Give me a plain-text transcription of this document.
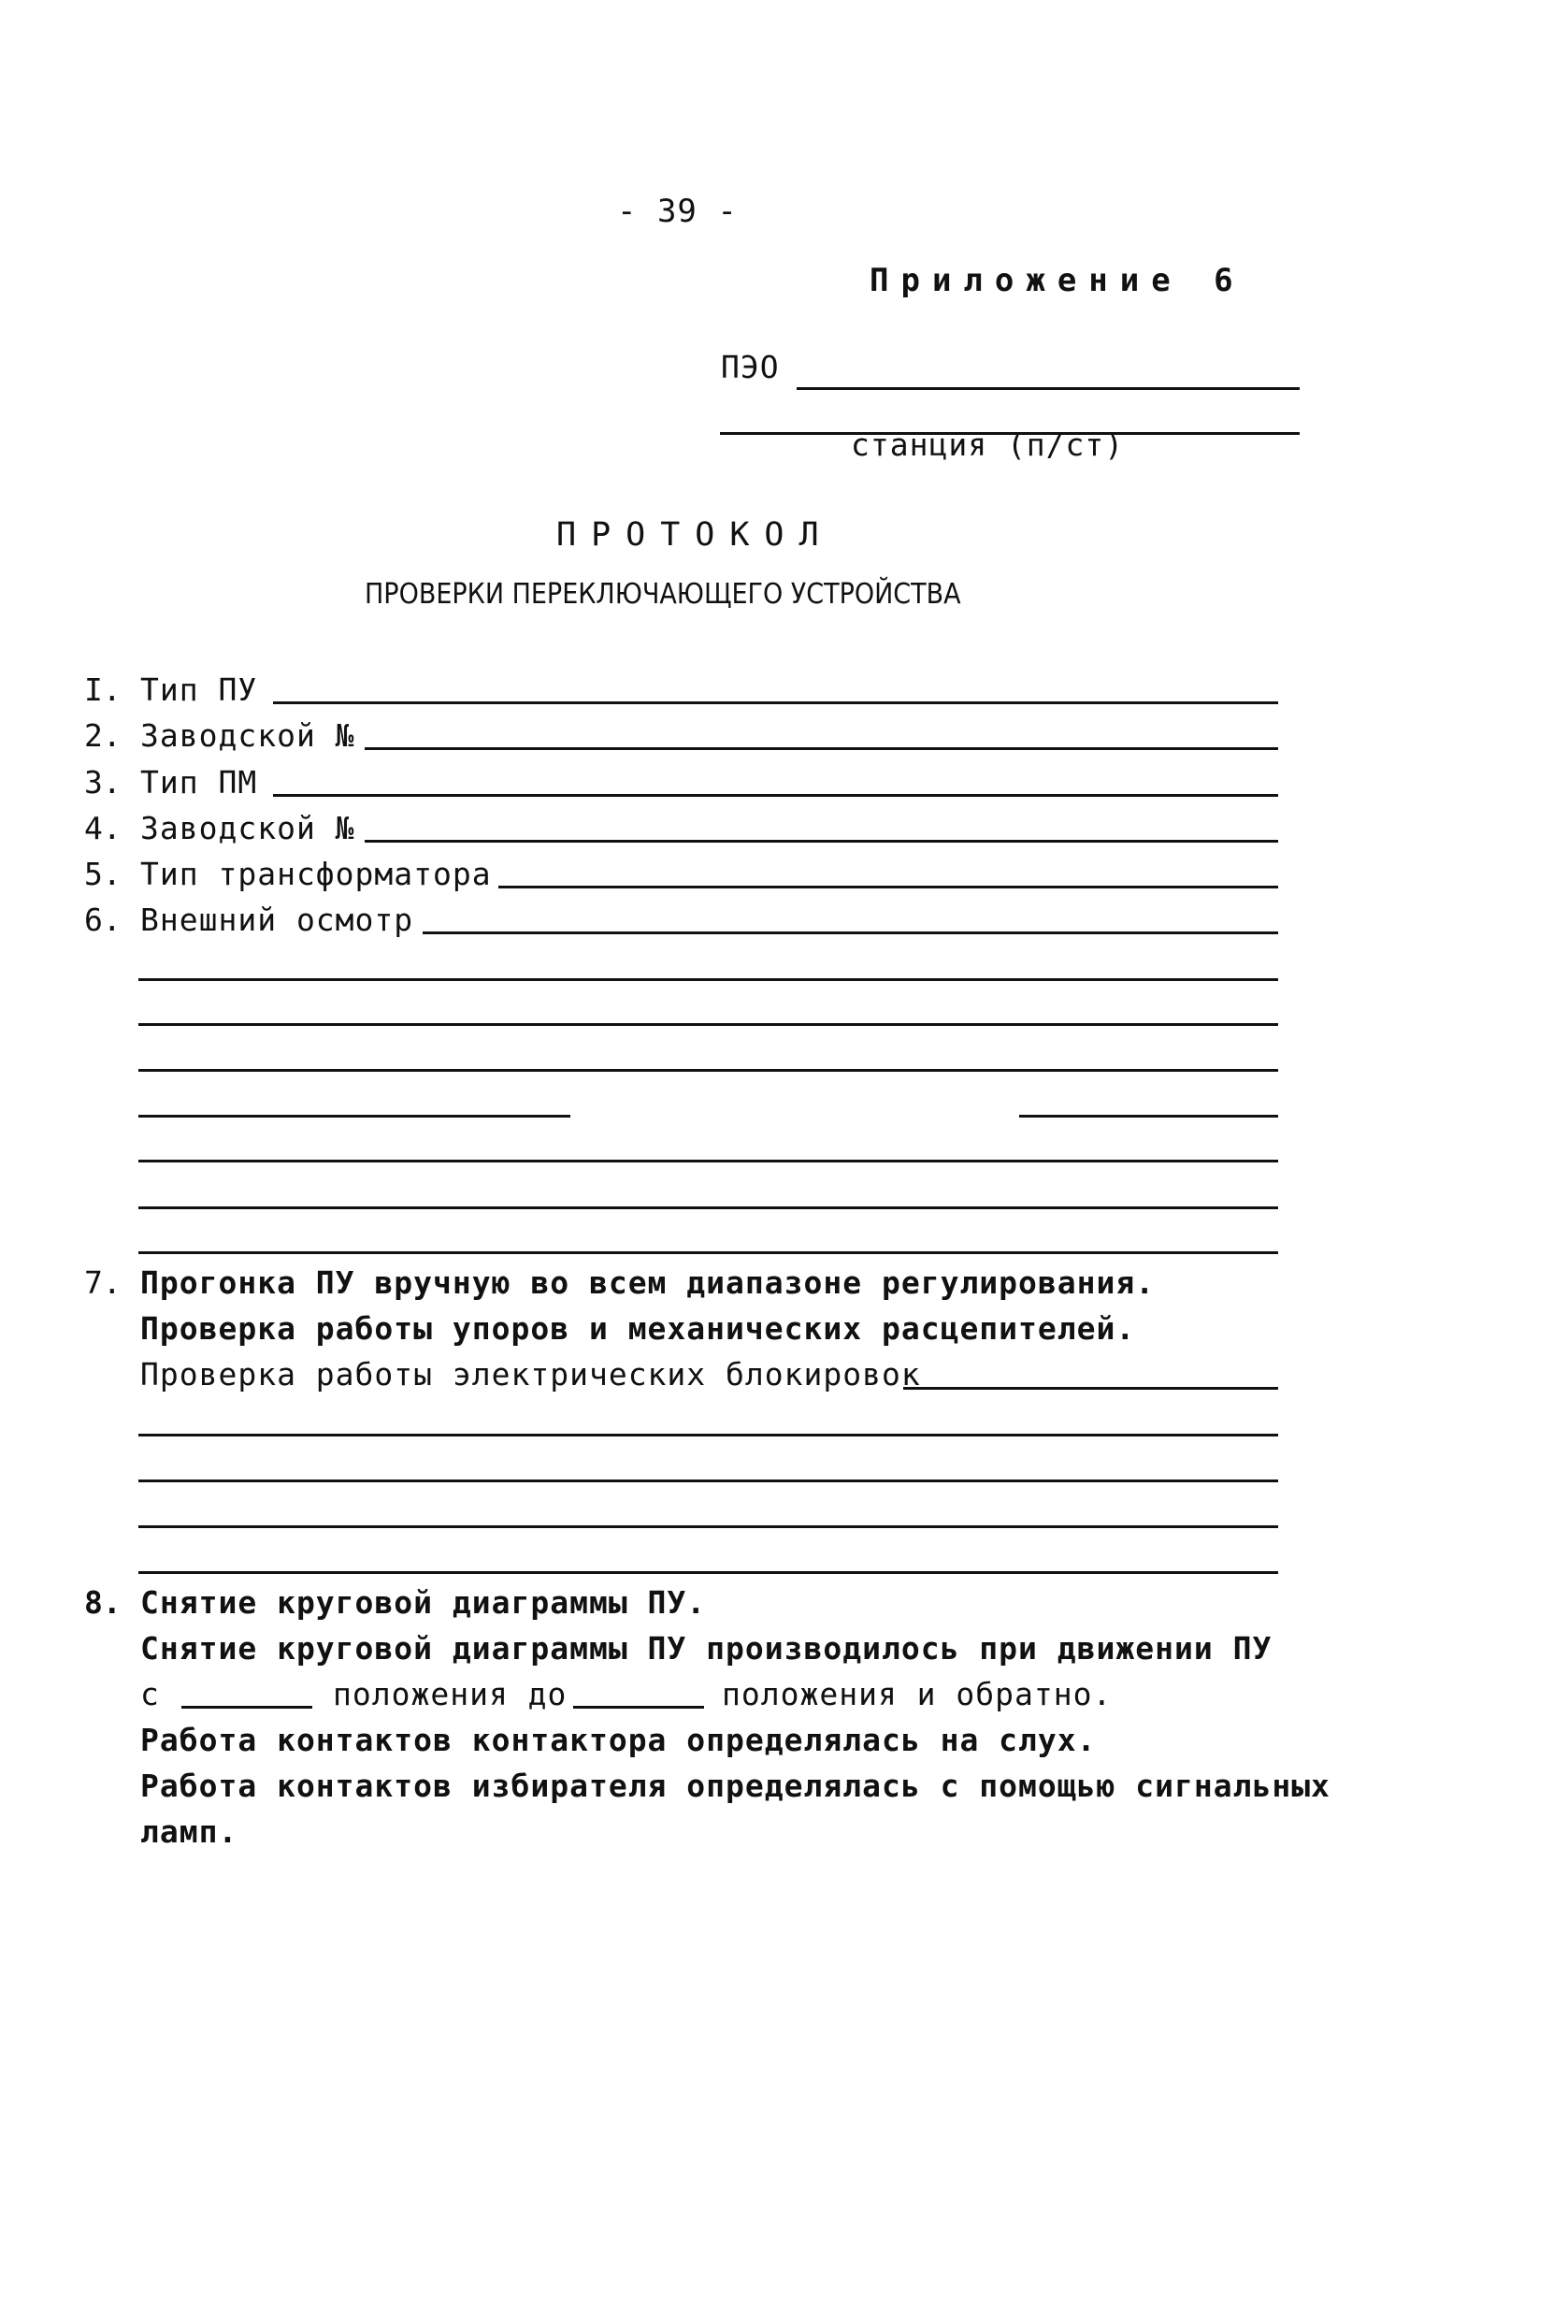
- 39 -
Приложение 6
ПЭО
станция (п/ст)
ПРОТОКОЛ
ПРОВЕРКИ ПЕРЕКЛЮЧАЮЩЕГО УСТРОЙСТВА
I. Тип ПУ
2. Заводской №
3. Тип ПМ
4. Заводской №
5. Тип трансформатора
6. Внешний осмотр
7. Прогонка ПУ вручную во всем диапазоне регулирования.
Проверка работы упоров и механических расцепителей.
Проверка работы электрических блокировок
8. Снятие круговой диаграммы ПУ.
Снятие круговой диаграммы ПУ производилось при движении ПУ
с	положения до	положения и обратно.
Работа контактов контактора определялась на слух.
Работа контактов избирателя определялась с помощью сигнальных
ламп.
